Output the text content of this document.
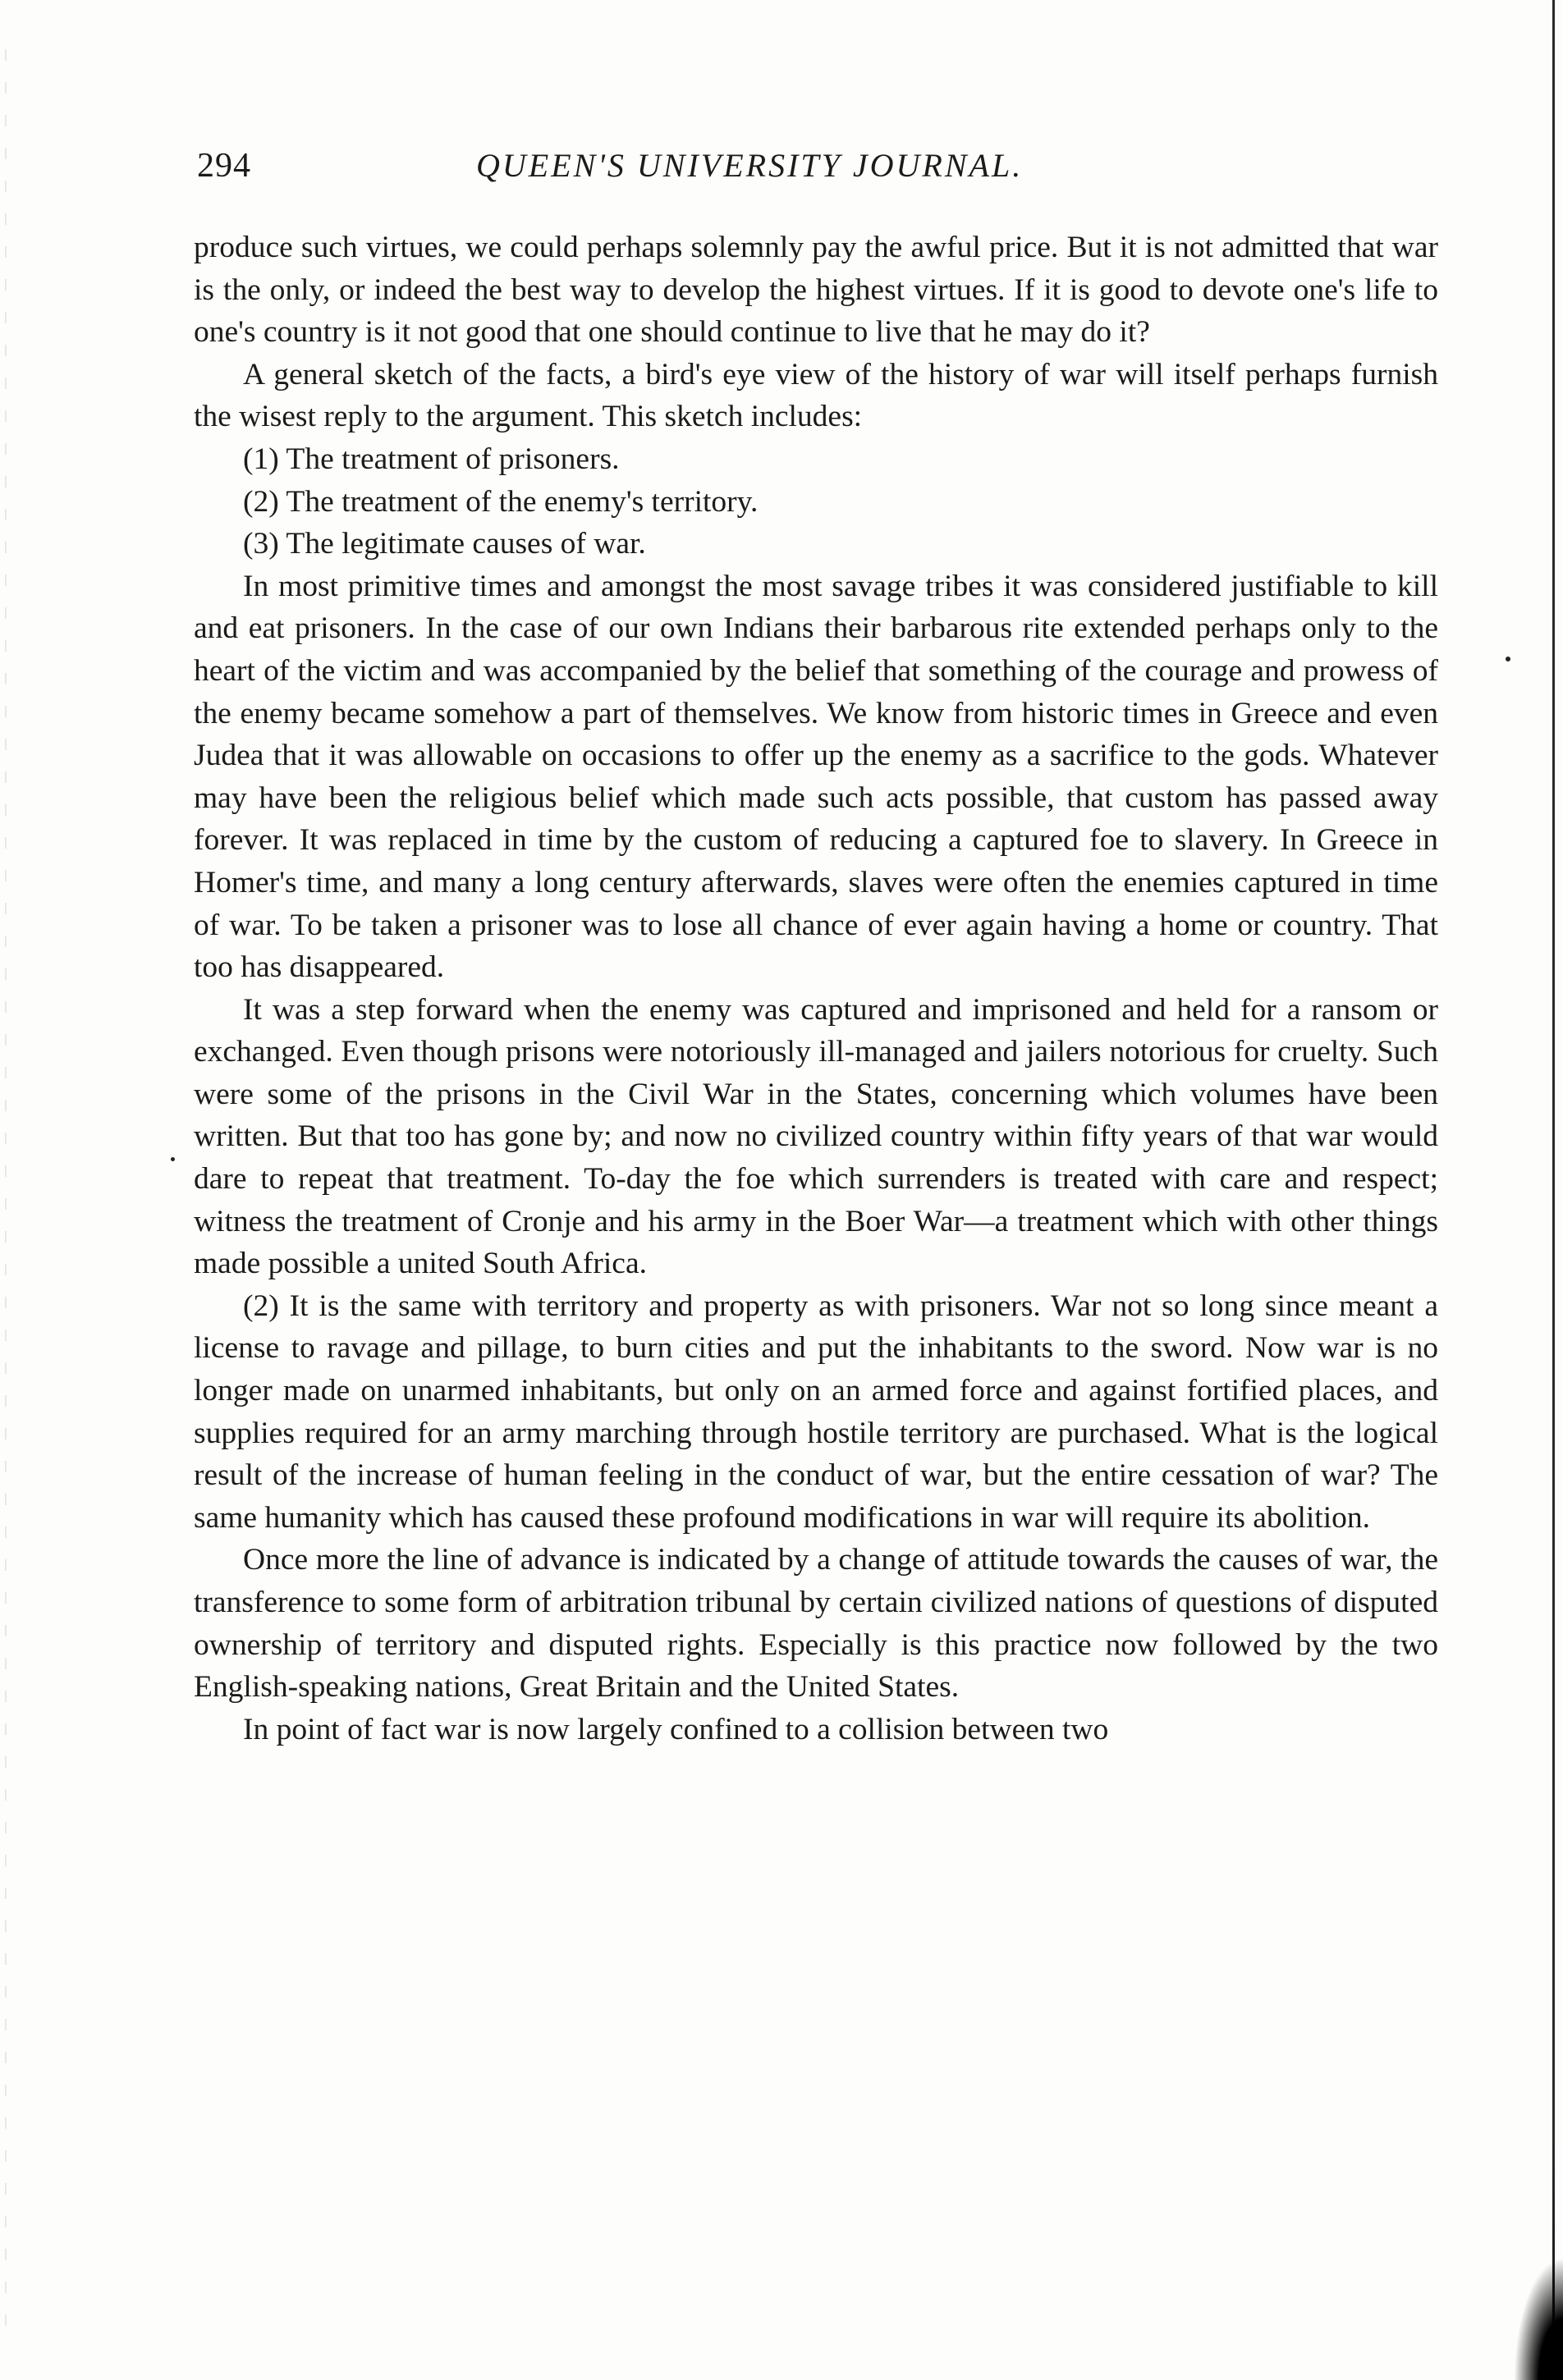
294	QUEEN'S UNIVERSITY JOURNAL.

produce such virtues, we could perhaps solemnly pay the awful price. But it is not admitted that war is the only, or indeed the best way to develop the highest virtues. If it is good to devote one's life to one's country is it not good that one should continue to live that he may do it?

A general sketch of the facts, a bird's eye view of the history of war will itself perhaps furnish the wisest reply to the argument. This sketch includes:

(1) The treatment of prisoners.

(2) The treatment of the enemy's territory.

(3) The legitimate causes of war.

In most primitive times and amongst the most savage tribes it was considered justifiable to kill and eat prisoners. In the case of our own Indians their barbarous rite extended perhaps only to the heart of the victim and was accompanied by the belief that something of the courage and prowess of the enemy became somehow a part of themselves. We know from historic times in Greece and even Judea that it was allowable on occasions to offer up the enemy as a sacrifice to the gods. Whatever may have been the religious belief which made such acts possible, that custom has passed away forever. It was replaced in time by the custom of reducing a captured foe to slavery. In Greece in Homer's time, and many a long century afterwards, slaves were often the enemies captured in time of war. To be taken a prisoner was to lose all chance of ever again having a home or country. That too has disappeared.

It was a step forward when the enemy was captured and imprisoned and held for a ransom or exchanged. Even though prisons were notoriously ill-managed and jailers notorious for cruelty. Such were some of the prisons in the Civil War in the States, concerning which volumes have been written. But that too has gone by; and now no civilized country within fifty years of that war would dare to repeat that treatment. To-day the foe which surrenders is treated with care and respect; witness the treatment of Cronje and his army in the Boer War—a treatment which with other things made possible a united South Africa.

(2) It is the same with territory and property as with prisoners. War not so long since meant a license to ravage and pillage, to burn cities and put the inhabitants to the sword. Now war is no longer made on unarmed inhabitants, but only on an armed force and against fortified places, and supplies required for an army marching through hostile territory are purchased. What is the logical result of the increase of human feeling in the conduct of war, but the entire cessation of war? The same humanity which has caused these profound modifications in war will require its abolition.

Once more the line of advance is indicated by a change of attitude towards the causes of war, the transference to some form of arbitration tribunal by certain civilized nations of questions of disputed ownership of territory and disputed rights. Especially is this practice now followed by the two English-speaking nations, Great Britain and the United States.

In point of fact war is now largely confined to a collision between two
